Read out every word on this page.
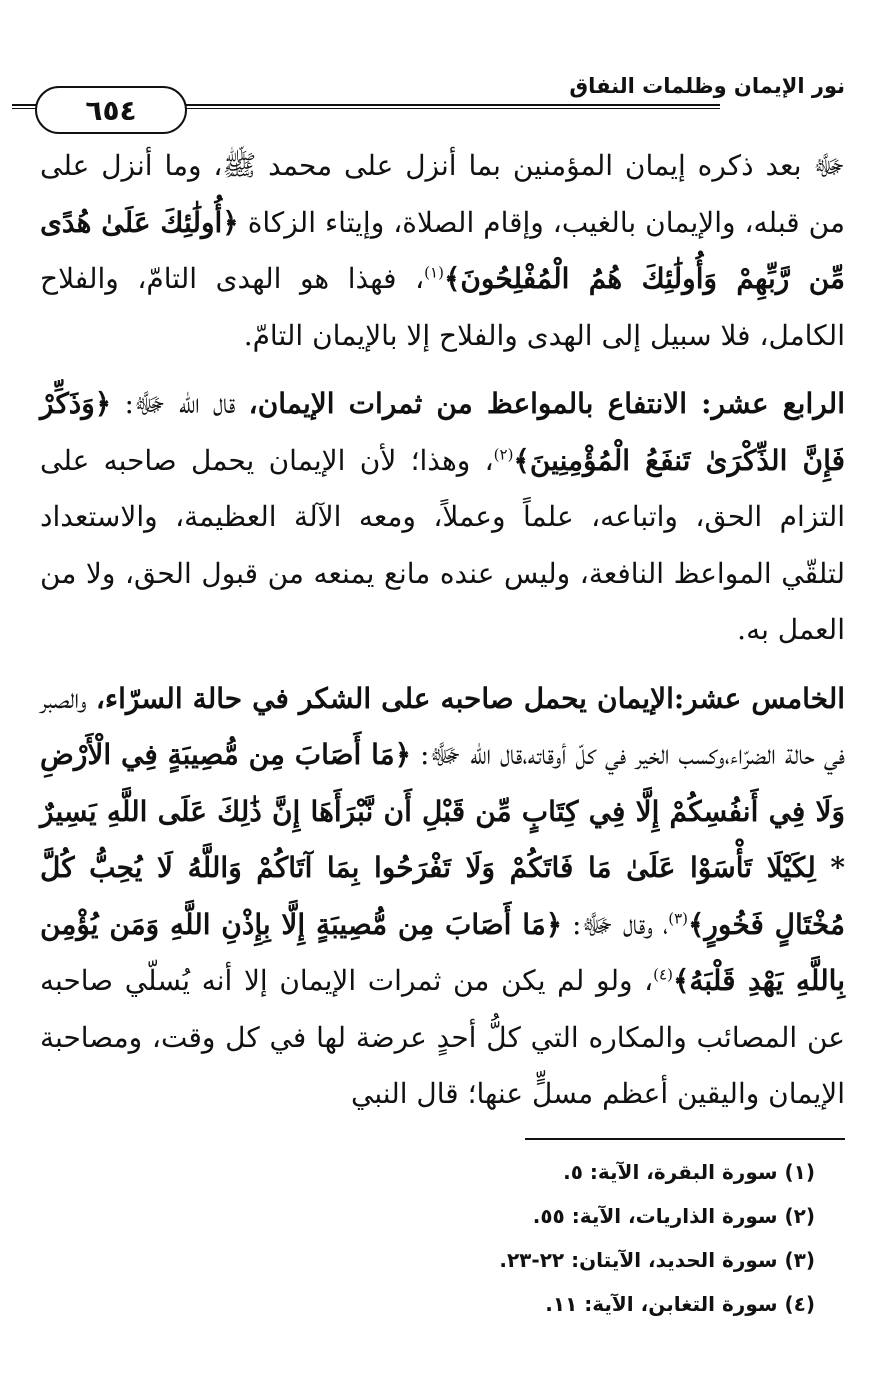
نور الإيمان وظلمات النفاق
٦٥٤

ﷻ بعد ذكره إيمان المؤمنين بما أنزل على محمد ﷺ، وما أنزل على من قبله، والإيمان بالغيب، وإقام الصلاة، وإيتاء الزكاة ﴿أُولَٰئِكَ عَلَىٰ هُدًى مِّن رَّبِّهِمْ وَأُولَٰئِكَ هُمُ الْمُفْلِحُونَ﴾$^{(١)}$، فهذا هو الهدى التامّ، والفلاح الكامل، فلا سبيل إلى الهدى والفلاح إلا بالإيمان التامّ.

الرابع عشر: الانتفاع بالمواعظ من ثمرات الإيمان، قال الله ﷻ: ﴿وَذَكِّرْ فَإِنَّ الذِّكْرَىٰ تَنفَعُ الْمُؤْمِنِينَ﴾$^{(٢)}$، وهذا؛ لأن الإيمان يحمل صاحبه على التزام الحق، واتباعه، علماً وعملاً، ومعه الآلة العظيمة، والاستعداد لتلقّي المواعظ النافعة، وليس عنده مانع يمنعه من قبول الحق، ولا من العمل به.

الخامس عشر:الإيمان يحمل صاحبه على الشكر في حالة السرّاء، والصبر في حالة الضرّاء،وكسب الخير في كلّ أوقاته،قال الله ﷻ: ﴿مَا أَصَابَ مِن مُّصِيبَةٍ فِي الْأَرْضِ وَلَا فِي أَنفُسِكُمْ إِلَّا فِي كِتَابٍ مِّن قَبْلِ أَن نَّبْرَأَهَا إِنَّ ذَٰلِكَ عَلَى اللَّهِ يَسِيرٌ * لِكَيْلَا تَأْسَوْا عَلَىٰ مَا فَاتَكُمْ وَلَا تَفْرَحُوا بِمَا آتَاكُمْ وَاللَّهُ لَا يُحِبُّ كُلَّ مُخْتَالٍ فَخُورٍ﴾$^{(٣)}$، وقال ﷻ: ﴿مَا أَصَابَ مِن مُّصِيبَةٍ إِلَّا بِإِذْنِ اللَّهِ وَمَن يُؤْمِن بِاللَّهِ يَهْدِ قَلْبَهُ﴾$^{(٤)}$، ولو لم يكن من ثمرات الإيمان إلا أنه يُسلّي صاحبه عن المصائب والمكاره التي كلُّ أحدٍ عرضة لها في كل وقت، ومصاحبة الإيمان واليقين أعظم مسلٍّ عنها؛ قال النبي

(١) سورة البقرة، الآية: ٥.
(٢) سورة الذاريات، الآية: ٥٥.
(٣) سورة الحديد، الآيتان: ٢٢-٢٣.
(٤) سورة التغابن، الآية: ١١.
